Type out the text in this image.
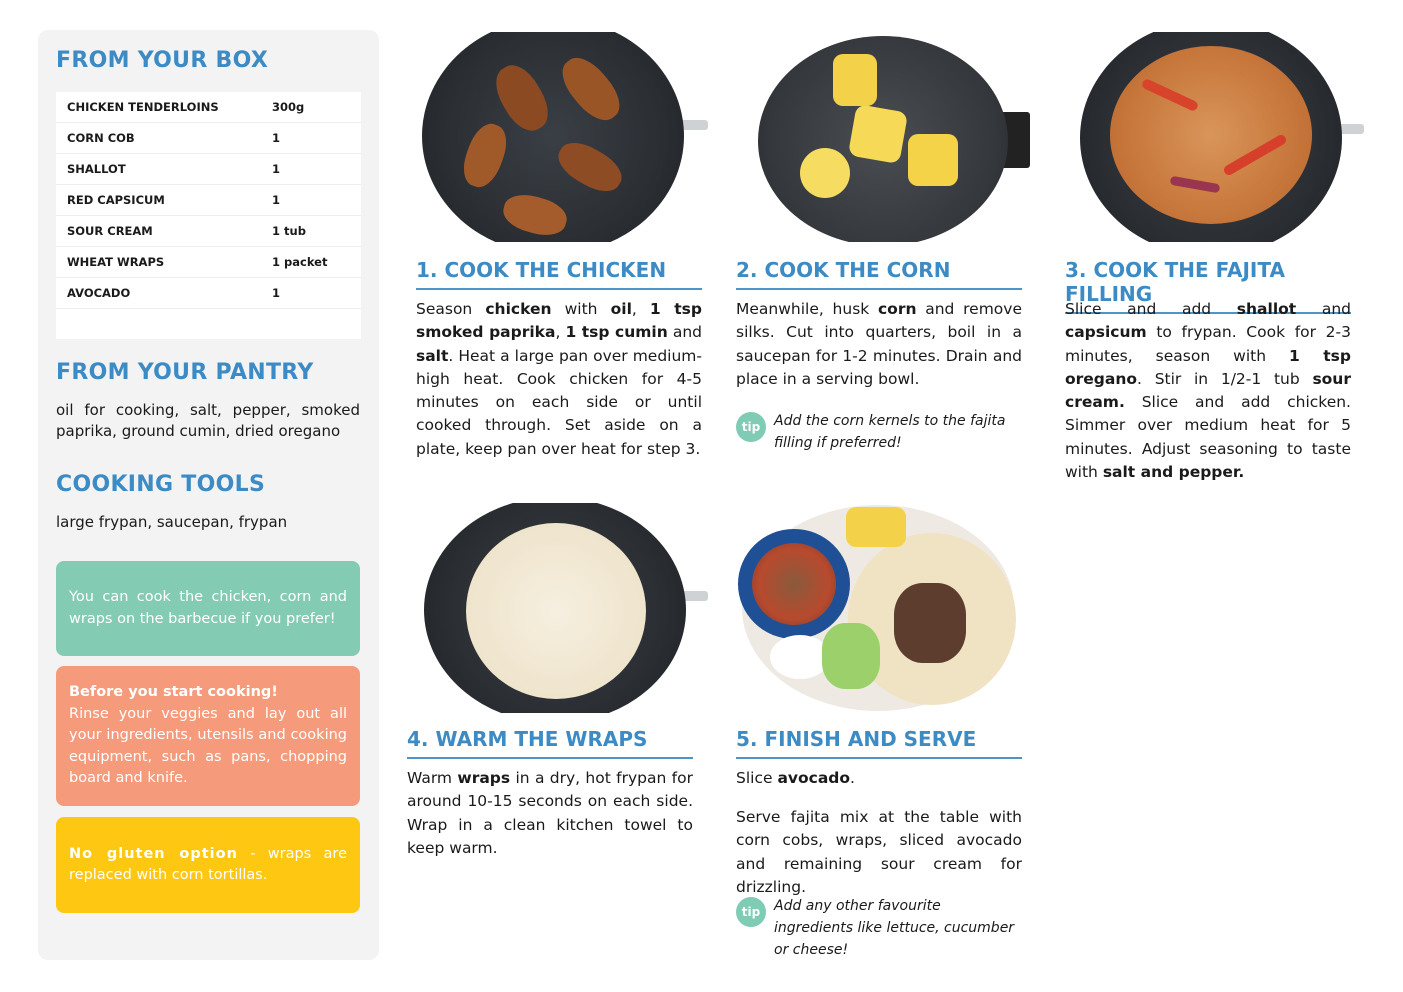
FROM YOUR BOX
CHICKEN TENDERLOINS	300g
CORN COB	1
SHALLOT	1
RED CAPSICUM	1
SOUR CREAM	1 tub
WHEAT WRAPS	1 packet
AVOCADO	1

FROM YOUR PANTRY

oil for cooking, salt, pepper, smoked paprika, ground cumin, dried oregano

COOKING TOOLS

large frypan, saucepan, frypan

You can cook the chicken, corn and wraps on the barbecue if you prefer!
Before you start cooking!
Rinse your veggies and lay out all your ingredients, utensils and cooking equipment, such as pans, chopping board and knife.
No gluten option - wraps are replaced with corn tortillas.
1. COOK THE CHICKEN

Season chicken with oil, 1 tsp smoked paprika, 1 tsp cumin and salt. Heat a large pan over medium-high heat. Cook chicken for 4-5 minutes on each side or until cooked through. Set aside on a plate, keep pan over heat for step 3.

2. COOK THE CORN

Meanwhile, husk corn and remove silks. Cut into quarters, boil in a saucepan for 1-2 minutes. Drain and place in a serving bowl.

tip Add the corn kernels to the fajita filling if preferred!
3. COOK THE FAJITA FILLING

Slice and add shallot and capsicum to frypan. Cook for 2-3 minutes, season with 1 tsp oregano. Stir in 1/2-1 tub sour cream. Slice and add chicken. Simmer over medium heat for 5 minutes. Adjust seasoning to taste with salt and pepper.

4. WARM THE WRAPS

Warm wraps in a dry, hot frypan for around 10-15 seconds on each side. Wrap in a clean kitchen towel to keep warm.

5. FINISH AND SERVE

Slice avocado.

Serve fajita mix at the table with corn cobs, wraps, sliced avocado and remaining sour cream for drizzling.

tip Add any other favourite ingredients like lettuce, cucumber or cheese!
